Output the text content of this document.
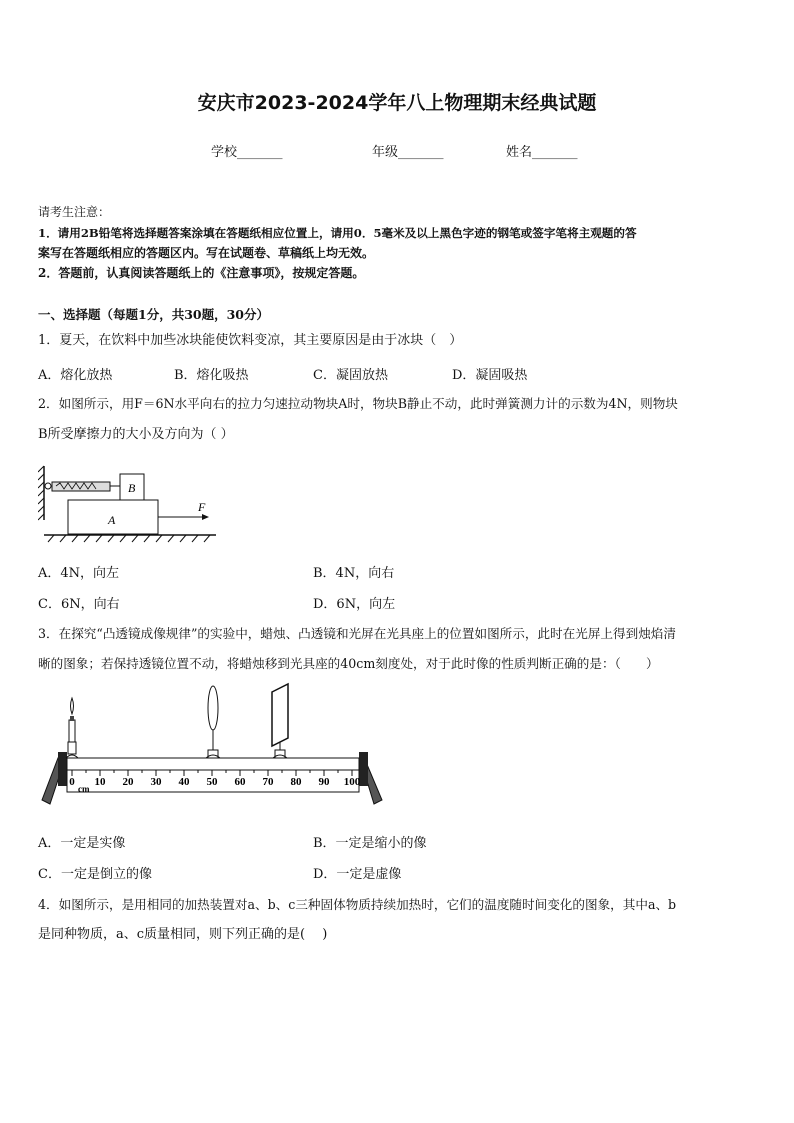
安庆市2023-2024学年八上物理期末经典试题
学校_______	年级_______	姓名_______
请考生注意：
1．请用2B铅笔将选择题答案涂填在答题纸相应位置上，请用0．5毫米及以上黑色字迹的钢笔或签字笔将主观题的答
案写在答题纸相应的答题区内。写在试题卷、草稿纸上均无效。
2．答题前，认真阅读答题纸上的《注意事项》，按规定答题。
一、选择题（每题1分，共30题，30分）
1．夏天，在饮料中加些冰块能使饮料变凉，其主要原因是由于冰块（　）
A．熔化放热	B．熔化吸热	C．凝固放热	D．凝固吸热
2．如图所示，用F＝6N水平向右的拉力匀速拉动物块A时，物块B静止不动，此时弹簧测力计的示数为4N，则物块
B所受摩擦力的大小及方向为（ ）
B
A
F
A．4N，向左	B．4N，向右
C．6N，向右	D．6N，向左
3．在探究“凸透镜成像规律”的实验中，蜡烛、凸透镜和光屏在光具座上的位置如图所示，此时在光屏上得到烛焰清
晰的图象；若保持透镜位置不动，将蜡烛移到光具座的40cm刻度处，对于此时像的性质判断正确的是：（　　）
0 10 20 30 40 50 60 70 80 90 100
cm
A．一定是实像	B．一定是缩小的像
C．一定是倒立的像	D．一定是虚像
4．如图所示，是用相同的加热装置对a、b、c三种固体物质持续加热时，它们的温度随时间变化的图象，其中a、b
是同种物质，a、c质量相同，则下列正确的是(　 )
